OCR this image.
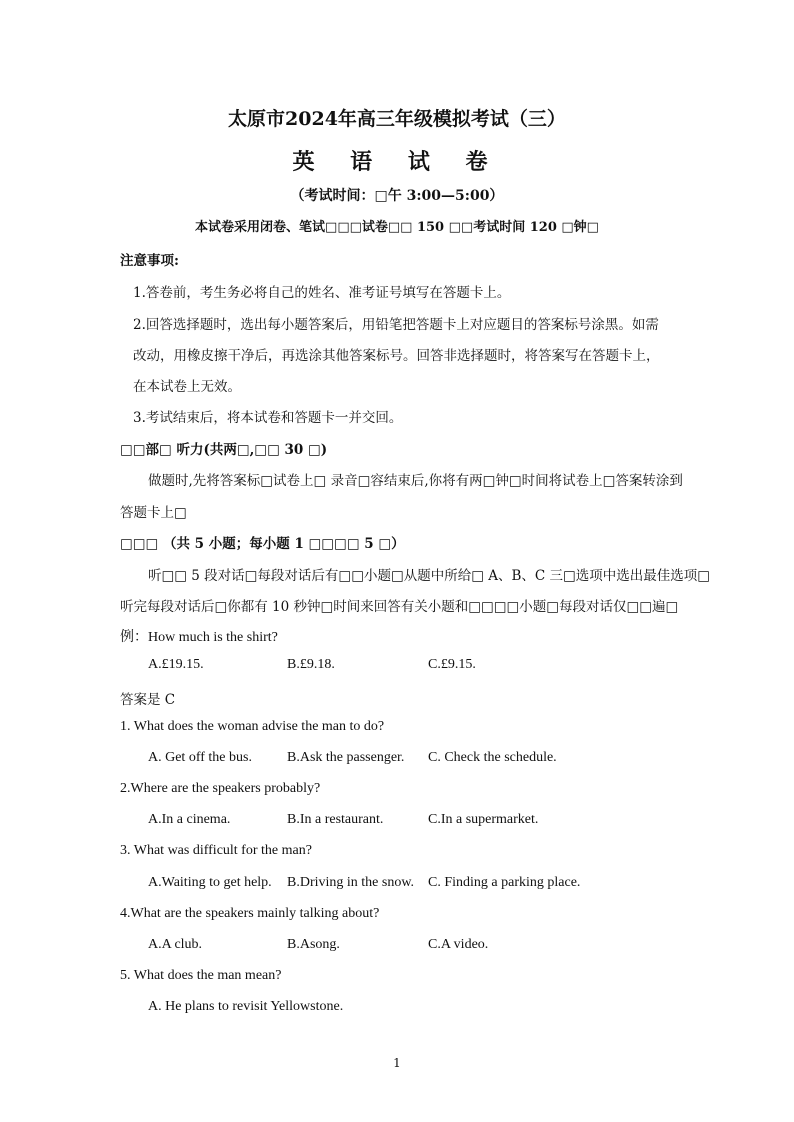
太原市2024年高三年级模拟考试（三）
英 语 试 卷
（考试时间：□午 3:00—5:00）
本试卷采用闭卷、笔试□□□试卷□□ 150 □□考试时间 120 □钟□
注意事项:
1.答卷前，考生务必将自己的姓名、准考证号填写在答题卡上。
2.回答选择题时，选出每小题答案后，用铅笔把答题卡上对应题目的答案标号涂黑。如需
改动，用橡皮擦干净后，再选涂其他答案标号。回答非选择题时，将答案写在答题卡上，
在本试卷上无效。
3.考试结束后，将本试卷和答题卡一并交回。
□□部□ 听力(共两□,□□ 30 □)
做题时,先将答案标□试卷上□ 录音□容结束后,你将有两□钟□时间将试卷上□答案转涂到
答题卡上□
□□□ （共 5 小题；每小题 1 □□□□ 5 □）
听□□ 5 段对话□每段对话后有□□小题□从题中所给□ A、B、C 三□选项中选出最佳选项□
听完每段对话后□你都有 10 秒钟□时间来回答有关小题和□□□□小题□每段对话仅□□遍□
例：How much is the shirt?
A.£19.15.	B.£9.18.	C.£9.15.
答案是 C
1. What does the woman advise the man to do?
A. Get off the bus.	B.Ask the passenger. C. Check the schedule.
2.Where are the speakers probably?
A.In a cinema.	B.In a restaurant.	C.In a supermarket.
3. What was difficult for the man?
A.Waiting to get help. B.Driving in the snow. C. Finding a parking place.
4.What are the speakers mainly talking about?
A.A club.	B.Asong.	C.A video.
5. What does the man mean?
A. He plans to revisit Yellowstone.
1
